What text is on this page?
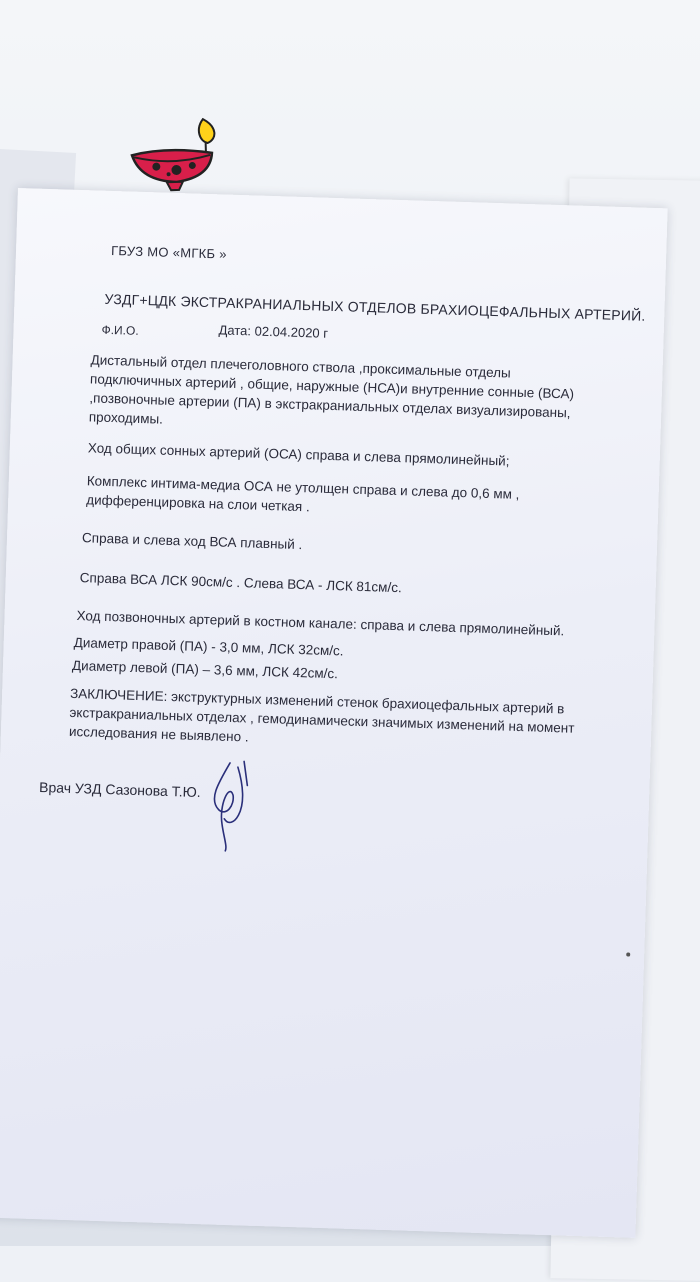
ГБУЗ МО «МГКБ »
УЗДГ+ЦДК ЭКСТРАКРАНИАЛЬНЫХ ОТДЕЛОВ БРАХИОЦЕФАЛЬНЫХ АРТЕРИЙ.
Ф.И.О.	Дата: 02.04.2020 г
Дистальный отдел плечеголовного ствола ,проксимальные отделы подключичных артерий , общие, наружные (НСА)и внутренние сонные (ВСА) ,позвоночные артерии (ПА) в экстракраниальных отделах визуализированы, проходимы.
Ход общих сонных артерий (ОСА) справа и слева прямолинейный;
Комплекс интима-медиа ОСА не утолщен справа и слева до 0,6 мм , дифференцировка на слои четкая .
Справа и слева ход ВСА плавный .
Справа ВСА ЛСК 90см/с . Слева ВСА - ЛСК 81см/с.
Ход позвоночных артерий в костном канале: справа и слева прямолинейный.
Диаметр правой (ПА) - 3,0 мм, ЛСК 32см/с.
Диаметр левой (ПА) – 3,6 мм, ЛСК 42см/с.
ЗАКЛЮЧЕНИЕ: экструктурных изменений стенок брахиоцефальных артерий в экстракраниальных отделах , гемодинамически значимых изменений на момент исследования не выявлено .
Врач УЗД Сазонова Т.Ю.
